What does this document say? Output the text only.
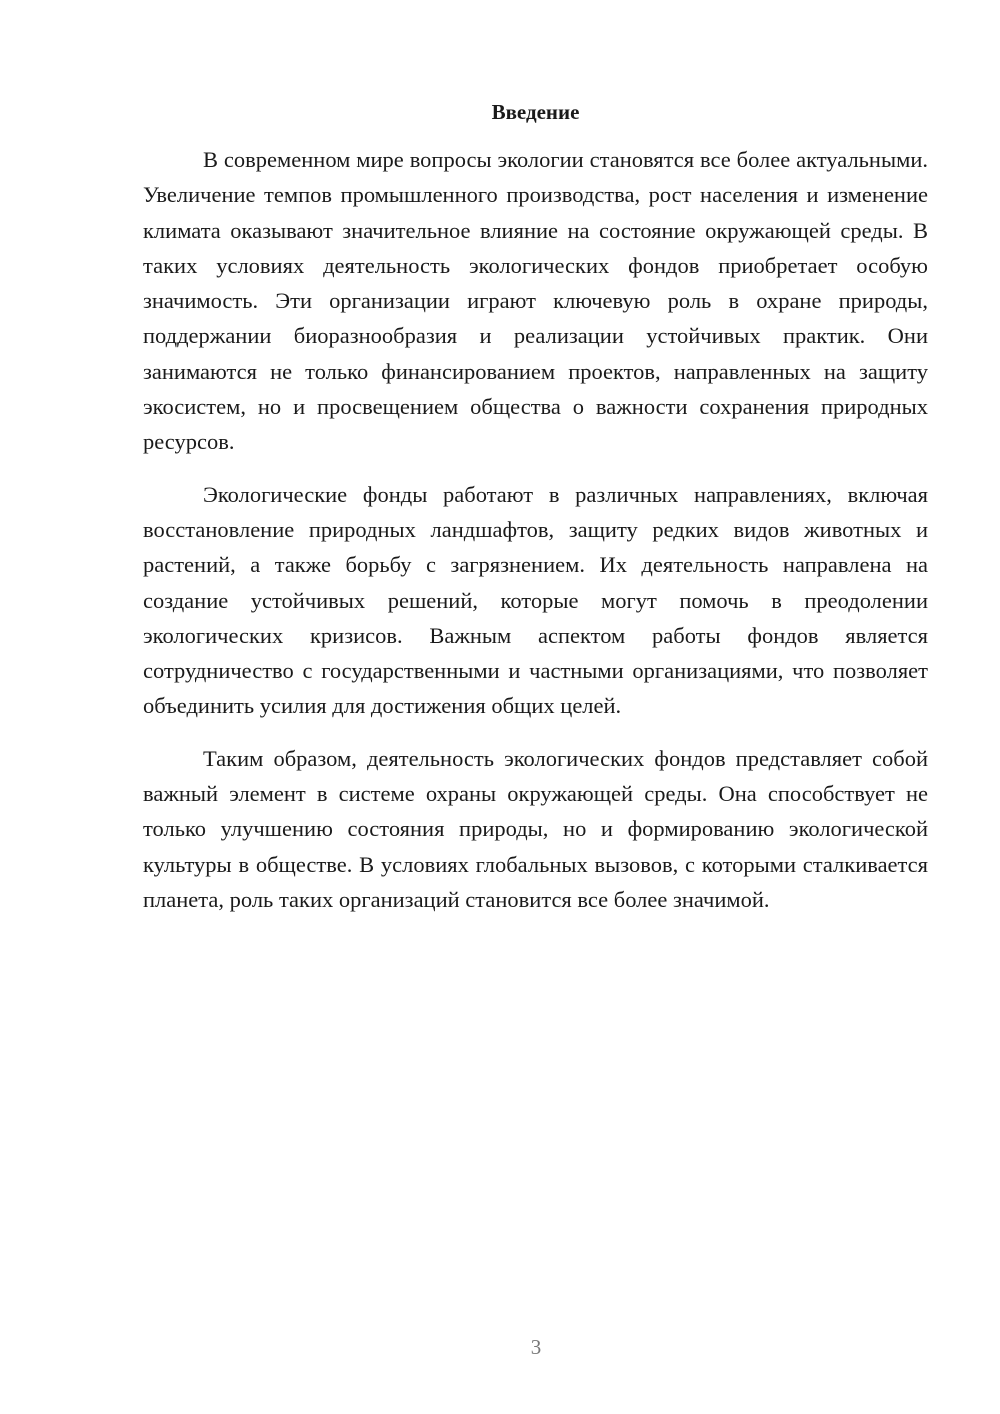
Введение

В современном мире вопросы экологии становятся все более актуальными. Увеличение темпов промышленного производства, рост населения и изменение климата оказывают значительное влияние на состояние окружающей среды. В таких условиях деятельность экологических фондов приобретает особую значимость. Эти организации играют ключевую роль в охране природы, поддержании биоразнообразия и реализации устойчивых практик. Они занимаются не только финансированием проектов, направленных на защиту экосистем, но и просвещением общества о важности сохранения природных ресурсов.

Экологические фонды работают в различных направлениях, включая восстановление природных ландшафтов, защиту редких видов животных и растений, а также борьбу с загрязнением. Их деятельность направлена на создание устойчивых решений, которые могут помочь в преодолении экологических кризисов. Важным аспектом работы фондов является сотрудничество с государственными и частными организациями, что позволяет объединить усилия для достижения общих целей.

Таким образом, деятельность экологических фондов представляет собой важный элемент в системе охраны окружающей среды. Она способствует не только улучшению состояния природы, но и формированию экологической культуры в обществе. В условиях глобальных вызовов, с которыми сталкивается планета, роль таких организаций становится все более значимой.

3
